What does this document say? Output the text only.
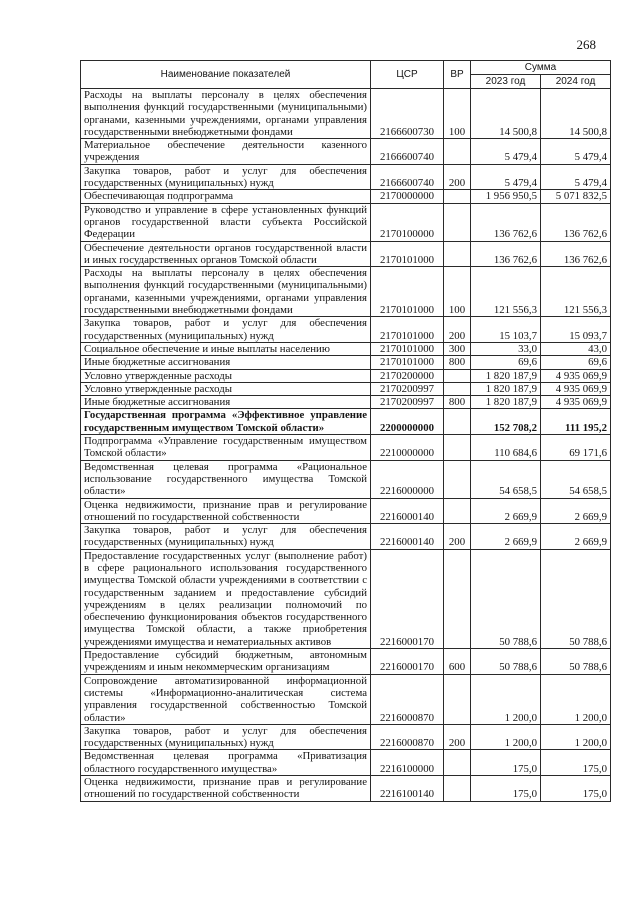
268
Наименование показателей	ЦСР	ВР	Сумма	
			2023 год	2024 год
Расходы на выплаты персоналу в целях обеспечения выполнения функций государственными (муниципальными) органами, казенными учреждениями, органами управления государственными внебюджетными фондами	2166600730	100	14 500,8	14 500,8
Материальное обеспечение деятельности казенного учреждения	2166600740		5 479,4	5 479,4
Закупка товаров, работ и услуг для обеспечения государственных (муниципальных) нужд	2166600740	200	5 479,4	5 479,4
Обеспечивающая подпрограмма	2170000000		1 956 950,5	5 071 832,5
Руководство и управление в сфере установленных функций органов государственной власти субъекта Российской Федерации	2170100000		136 762,6	136 762,6
Обеспечение деятельности органов государственной власти и иных государственных органов Томской области	2170101000		136 762,6	136 762,6
Расходы на выплаты персоналу в целях обеспечения выполнения функций государственными (муниципальными) органами, казенными учреждениями, органами управления государственными внебюджетными фондами	2170101000	100	121 556,3	121 556,3
Закупка товаров, работ и услуг для обеспечения государственных (муниципальных) нужд	2170101000	200	15 103,7	15 093,7
Социальное обеспечение и иные выплаты населению	2170101000	300	33,0	43,0
Иные бюджетные ассигнования	2170101000	800	69,6	69,6
Условно утвержденные расходы	2170200000		1 820 187,9	4 935 069,9
Условно утвержденные расходы	2170200997		1 820 187,9	4 935 069,9
Иные бюджетные ассигнования	2170200997	800	1 820 187,9	4 935 069,9
Государственная программа «Эффективное управление государственным имуществом Томской области»	2200000000		152 708,2	111 195,2
Подпрограмма «Управление государственным имуществом Томской области»	2210000000		110 684,6	69 171,6
Ведомственная целевая программа «Рациональное использование государственного имущества Томской области»	2216000000		54 658,5	54 658,5
Оценка недвижимости, признание прав и регулирование отношений по государственной собственности	2216000140		2 669,9	2 669,9
Закупка товаров, работ и услуг для обеспечения государственных (муниципальных) нужд	2216000140	200	2 669,9	2 669,9
Предоставление государственных услуг (выполнение работ) в сфере рационального использования государственного имущества Томской области учреждениями в соответствии с государственным заданием и предоставление субсидий учреждениям в целях реализации полномочий по обеспечению функционирования объектов государственного имущества Томской области, а также приобретения учреждениями имущества и нематериальных активов	2216000170		50 788,6	50 788,6
Предоставление субсидий бюджетным, автономным учреждениям и иным некоммерческим организациям	2216000170	600	50 788,6	50 788,6
Сопровождение автоматизированной информационной системы «Информационно-аналитическая система управления государственной собственностью Томской области»	2216000870		1 200,0	1 200,0
Закупка товаров, работ и услуг для обеспечения государственных (муниципальных) нужд	2216000870	200	1 200,0	1 200,0
Ведомственная целевая программа «Приватизация областного государственного имущества»	2216100000		175,0	175,0
Оценка недвижимости, признание прав и регулирование отношений по государственной собственности	2216100140		175,0	175,0
